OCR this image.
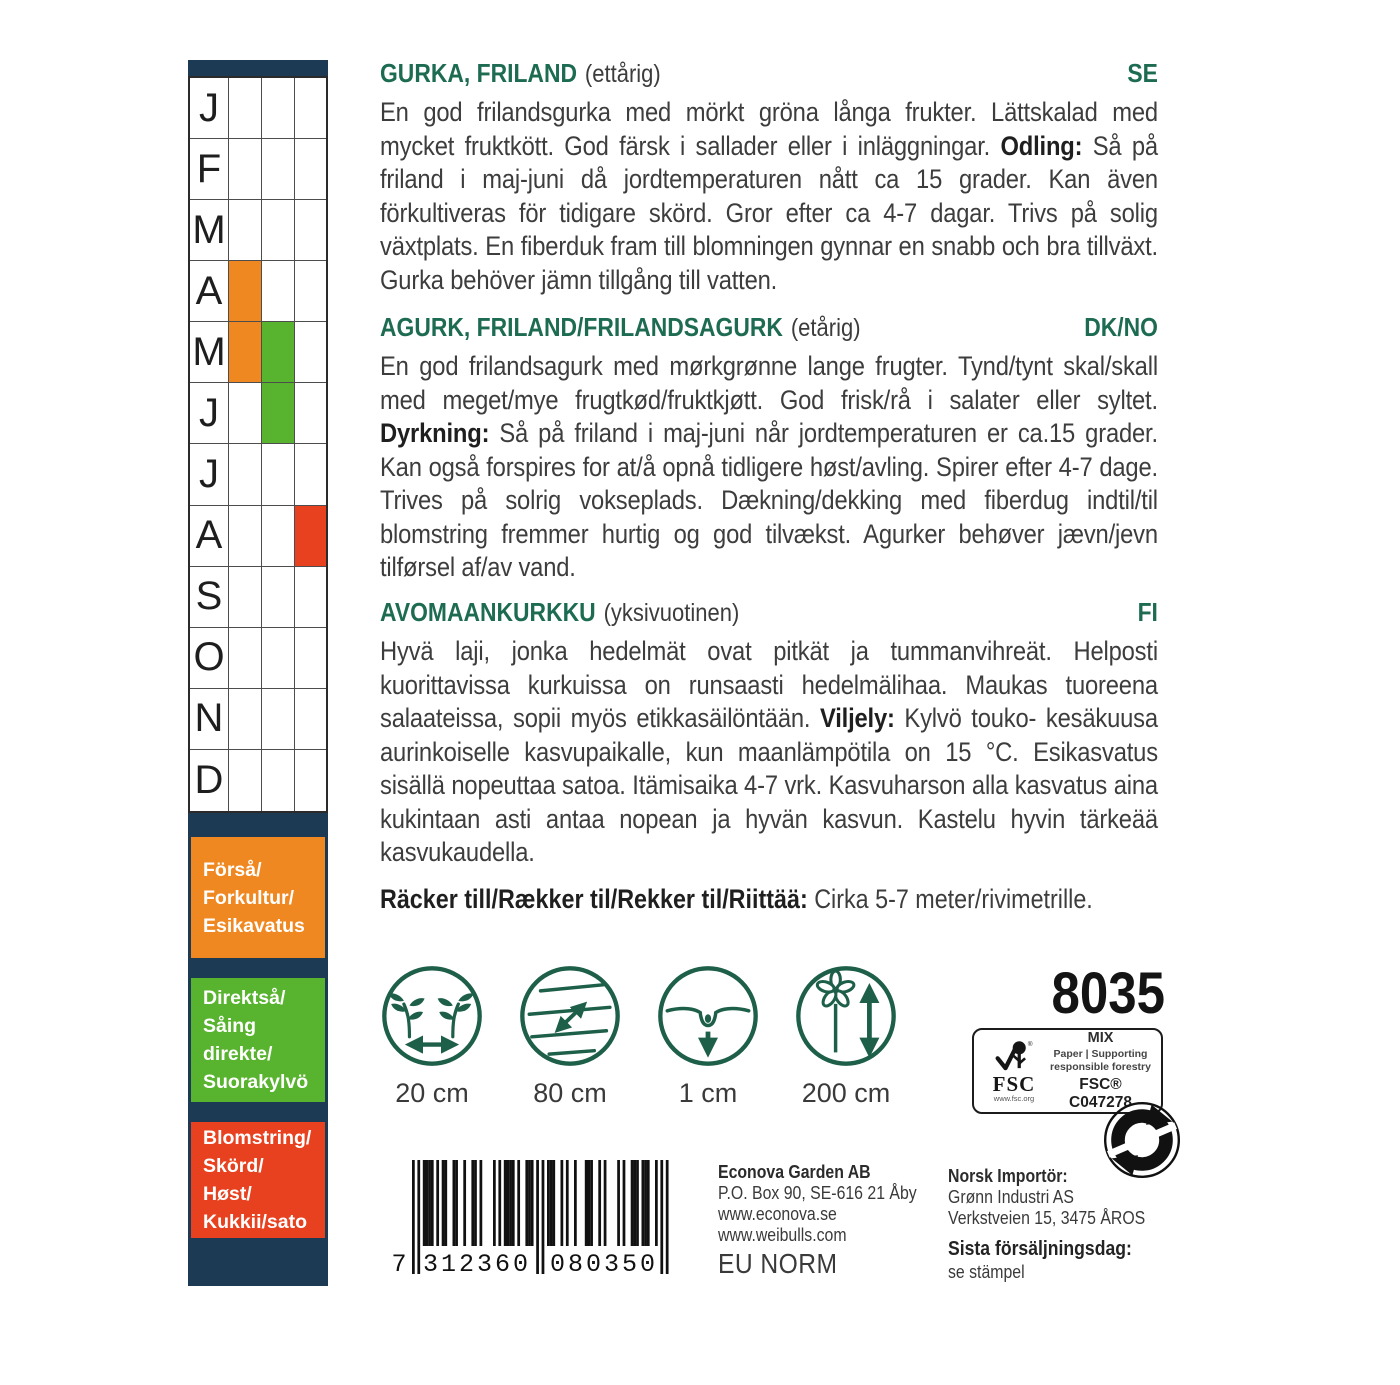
J
F
M
A
M
J
J
A
S
O
N
D
Förså/
Forkultur/
Esikavatus
Direktså/
Såing
direkte/
Suorakylvö
Blomstring/
Skörd/
Høst/
Kukkii/sato
GURKA, FRILAND (ettårig)	SE
En god frilandsgurka med mörkt gröna långa frukter. Lättskalad med mycket fruktkött. God färsk i sallader eller i inläggningar. Odling: Så på friland i maj-juni då jordtemperaturen nått ca 15 grader. Kan även förkultiveras för tidigare skörd. Gror efter ca 4-7 dagar. Trivs på solig växtplats. En fiberduk fram till blomningen gynnar en snabb och bra tillväxt. Gurka behöver jämn tillgång till vatten.
AGURK, FRILAND/FRILANDSAGURK (etårig)	DK/NO
En god frilandsagurk med mørkgrønne lange frugter. Tynd/tynt skal/skall med meget/mye frugtkød/fruktkjøtt. God frisk/rå i salater eller syltet. Dyrkning: Så på friland i maj-juni når jordtemperaturen er ca.15 grader. Kan også forspires for at/å opnå tidligere høst/avling. Spirer efter 4-7 dage. Trives på solrig vokseplads. Dækning/dekking med fiberdug indtil/til blomstring fremmer hurtig og god tilvækst. Agurker behøver jævn/jevn tilførsel af/av vand.
AVOMAANKURKKU (yksivuotinen)	FI
Hyvä laji, jonka hedelmät ovat pitkät ja tummanvihreät. Helposti kuorittavissa kurkuissa on runsaasti hedelmälihaa. Maukas tuoreena salaateissa, sopii myös etikkasäilöntään. Viljely: Kylvö touko- kesäkuusa aurinkoiselle kasvupaikalle, kun maanlämpötila on 15 °C. Esikasvatus sisällä nopeuttaa satoa. Itämisaika 4-7 vrk. Kasvuharson alla kasvatus aina kukintaan asti antaa nopean ja hyvän kasvun. Kastelu hyvin tärkeää kasvukaudella.
Räcker till/Rækker til/Rekker til/Riittää: Cirka 5-7 meter/rivimetrille.
20 cm	80 cm	1 cm	200 cm
8035
®
FSC
www.fsc.org
MIX
Paper | Supporting responsible forestry
FSC® C047278
7 312360 080350
Econova Garden AB
P.O. Box 90, SE-616 21 Åby
www.econova.se
www.weibulls.com
EU NORM
Norsk Importör:
Grønn Industri AS
Verkstveien 15, 3475 ÅROS
Sista försäljningsdag:
se stämpel
